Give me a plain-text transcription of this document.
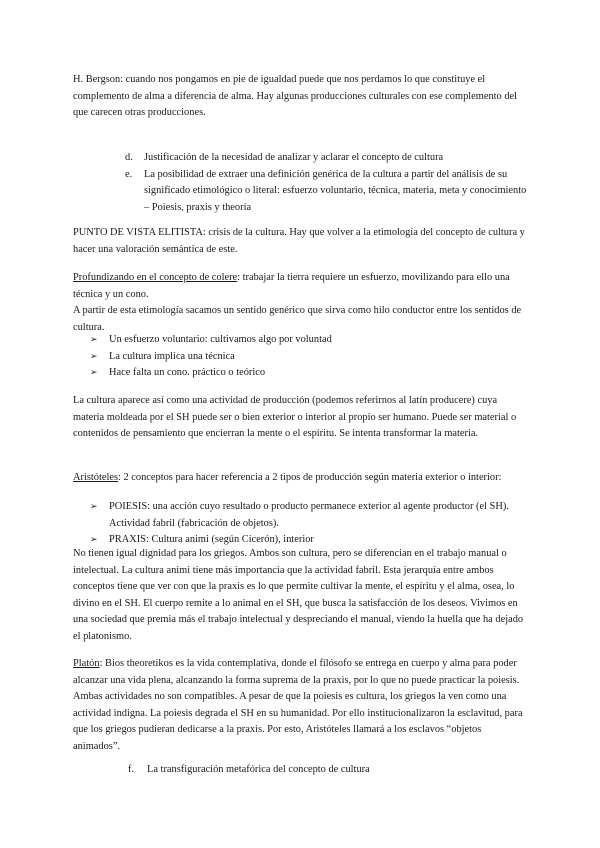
H. Bergson: cuando nos pongamos en pie de igualdad puede que nos perdamos lo que constituye el complemento de alma a diferencia de alma. Hay algunas producciones culturales con ese complemento del que carecen otras producciones.

d. Justificación de la necesidad de analizar y aclarar el concepto de cultura
e. La posibilidad de extraer una definición genérica de la cultura a partir del análisis de su significado etimológico o literal: esfuerzo voluntario, técnica, materia, meta y conocimiento – Poiesis, praxis y theoría

PUNTO DE VISTA ELITISTA: crisis de la cultura. Hay que volver a la etimología del concepto de cultura y hacer una valoración semántica de este.

Profundizando en el concepto de colere: trabajar la tierra requiere un esfuerzo, movilizando para ello una técnica y un cono.
A partir de esta etimología sacamos un sentido genérico que sirva como hilo conductor entre los sentidos de cultura.

➢ Un esfuerzo voluntario: cultivamos algo por voluntad
➢ La cultura implica una técnica
➢ Hace falta un cono. práctico o teórico

La cultura aparece así como una actividad de producción (podemos referirnos al latín producere) cuya materia moldeada por el SH puede ser o bien exterior o interior al propio ser humano. Puede ser material o contenidos de pensamiento que encierran la mente o el espíritu. Se intenta transformar la materia.

Aristóteles: 2 conceptos para hacer referencia a 2 tipos de producción según materia exterior o interior:

➢ POIESIS: una acción cuyo resultado o producto permanece exterior al agente productor (el SH). Actividad fabril (fabricación de objetos).
➢ PRAXIS: Cultura animi (según Cicerón), interior

No tienen igual dignidad para los griegos. Ambos son cultura, pero se diferencian en el trabajo manual o intelectual. La cultura animi tiene más importancia que la actividad fabril. Esta jerarquía entre ambos conceptos tiene que ver con que la praxis es lo que permite cultivar la mente, el espíritu y el alma, osea, lo divino en el SH. El cuerpo remite a lo animal en el SH, que busca la satisfacción de los deseos. Vivimos en una sociedad que premia más el trabajo intelectual y despreciando el manual, viendo la huella que ha dejado el platonismo.

Platón: Bios theoretikos es la vida contemplativa, donde el filósofo se entrega en cuerpo y alma para poder alcanzar una vida plena, alcanzando la forma suprema de la praxis, por lo que no puede practicar la poiesis. Ambas actividades no son compatibles. A pesar de que la poiesis es cultura, los griegos la ven como una actividad indigna. La poiesis degrada el SH en su humanidad. Por ello institucionalizaron la esclavitud, para que los griegos pudieran dedicarse a la praxis. Por esto, Aristóteles llamará a los esclavos “objetos animados”.

f. La transfiguración metafórica del concepto de cultura
